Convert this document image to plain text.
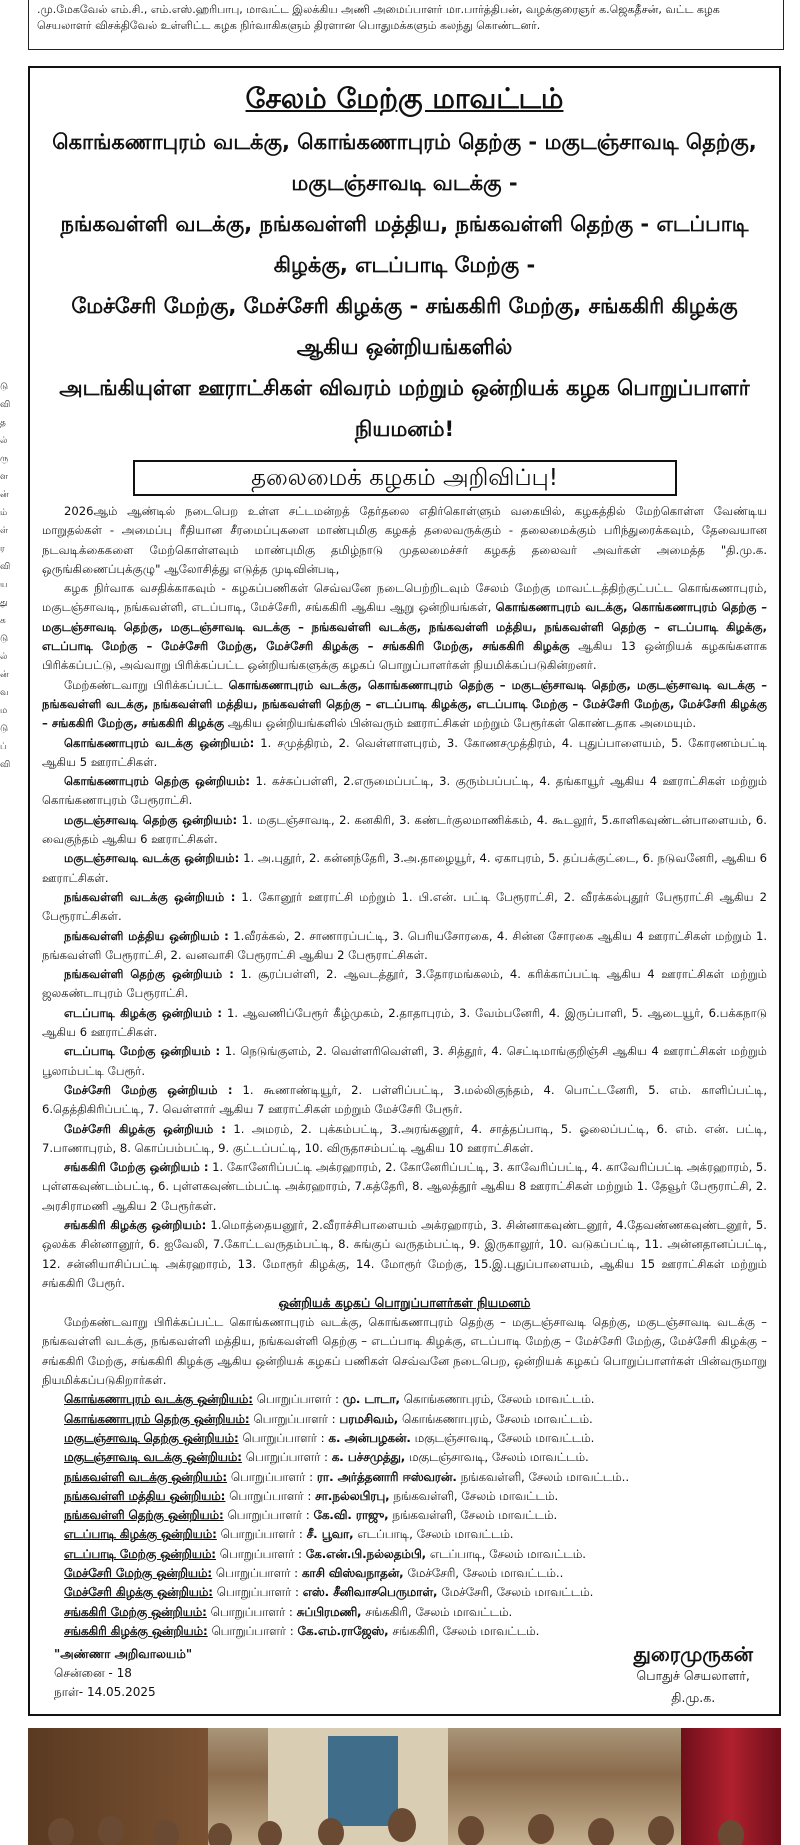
டு
வி
த
ல்
ரு
ள
ன்
ம்
ள்
ர
வி
ய
து
க
டு
ல்
ன்
வ
ம
டு
ப்
வி
.மு.மேகவேல் எம்.சி., எம்.எஸ்.ஹரிபாபு, மாவட்ட இலக்கிய அணி அமைப்பாளர் மா.பார்த்திபன், வழக்குரைஞர் க.ஜெகதீசன், வட்ட கழக
செயலாளர் விசக்திவேல் உள்ளிட்ட கழக நிர்வாகிகளும் திரளான பொதுமக்களும் கலந்து கொண்டனர்.
சேலம் மேற்கு மாவட்டம்
கொங்கணாபுரம் வடக்கு, கொங்கணாபுரம் தெற்கு - மகுடஞ்சாவடி தெற்கு, மகுடஞ்சாவடி வடக்கு -
நங்கவள்ளி வடக்கு, நங்கவள்ளி மத்திய, நங்கவள்ளி தெற்கு - எடப்பாடி கிழக்கு, எடப்பாடி மேற்கு -
மேச்சேரி மேற்கு, மேச்சேரி கிழக்கு - சங்ககிரி மேற்கு, சங்ககிரி கிழக்கு ஆகிய ஒன்றியங்களில்
அடங்கியுள்ள ஊராட்சிகள் விவரம் மற்றும் ஒன்றியக் கழக பொறுப்பாளர் நியமனம்!
தலைமைக் கழகம் அறிவிப்பு!

2026ஆம் ஆண்டில் நடைபெற உள்ள சட்டமன்றத் தேர்தலை எதிர்கொள்ளும் வகையில், கழகத்தில் மேற்கொள்ள வேண்டிய மாறுதல்கள் - அமைப்பு ரீதியான சீரமைப்புகளை மாண்புமிகு கழகத் தலைவருக்கும் - தலைமைக்கும் பரிந்துரைக்கவும், தேவையான நடவடிக்கைகளை மேற்கொள்ளவும் மாண்புமிகு தமிழ்நாடு முதலமைச்சர் கழகத் தலைவர் அவர்கள் அமைத்த "தி.மு.க. ஒருங்கிணைப்புக்குழு" ஆலோசித்து எடுத்த முடிவின்படி,

கழக நிர்வாக வசதிக்காகவும் - கழகப்பணிகள் செவ்வனே நடைபெற்றிடவும் சேலம் மேற்கு மாவட்டத்திற்குட்பட்ட கொங்கணாபுரம், மகுடஞ்சாவடி, நங்கவள்ளி, எடப்பாடி, மேச்சேரி, சங்ககிரி ஆகிய ஆறு ஒன்றியங்கள், கொங்கணாபுரம் வடக்கு, கொங்கணாபுரம் தெற்கு – மகுடஞ்சாவடி தெற்கு, மகுடஞ்சாவடி வடக்கு – நங்கவள்ளி வடக்கு, நங்கவள்ளி மத்திய, நங்கவள்ளி தெற்கு – எடப்பாடி கிழக்கு, எடப்பாடி மேற்கு – மேச்சேரி மேற்கு, மேச்சேரி கிழக்கு – சங்ககிரி மேற்கு, சங்ககிரி கிழக்கு ஆகிய 13 ஒன்றியக் கழகங்களாக பிரிக்கப்பட்டு, அவ்வாறு பிரிக்கப்பட்ட ஒன்றியங்களுக்கு கழகப் பொறுப்பாளர்கள் நியமிக்கப்படுகின்றனர்.

மேற்கண்டவாறு பிரிக்கப்பட்ட கொங்கணாபுரம் வடக்கு, கொங்கணாபுரம் தெற்கு – மகுடஞ்சாவடி தெற்கு, மகுடஞ்சாவடி வடக்கு – நங்கவள்ளி வடக்கு, நங்கவள்ளி மத்திய, நங்கவள்ளி தெற்கு – எடப்பாடி கிழக்கு, எடப்பாடி மேற்கு – மேச்சேரி மேற்கு, மேச்சேரி கிழக்கு – சங்ககிரி மேற்கு, சங்ககிரி கிழக்கு ஆகிய ஒன்றியங்களில் பின்வரும் ஊராட்சிகள் மற்றும் பேரூர்கள் கொண்டதாக அமையும்.

கொங்கணாபுரம் வடக்கு ஒன்றியம்: 1. சமுத்திரம், 2. வெள்ளாளபுரம், 3. கோணசமுத்திரம், 4. புதுப்பாளையம், 5. கோரணம்பட்டி ஆகிய 5 ஊராட்சிகள்.

கொங்கணாபுரம் தெற்கு ஒன்றியம்: 1. கச்சுப்பள்ளி, 2.எருமைப்பட்டி, 3. குரும்பப்பட்டி, 4. தங்காயூர் ஆகிய 4 ஊராட்சிகள் மற்றும் கொங்கணாபுரம் பேரூராட்சி.

மகுடஞ்சாவடி தெற்கு ஒன்றியம்: 1. மகுடஞ்சாவடி, 2. கனகிரி, 3. கண்டர்குலமாணிக்கம், 4. கூடலூர், 5.காளிகவுண்டன்பாளையம், 6. வைகுந்தம் ஆகிய 6 ஊராட்சிகள்.

மகுடஞ்சாவடி வடக்கு ஒன்றியம்: 1. அ.புதூர், 2. கன்னந்தேரி, 3.அ.தாழையூர், 4. ஏகாபுரம், 5. தப்பக்குட்டை, 6. நடுவனேரி, ஆகிய 6 ஊராட்சிகள்.

நங்கவள்ளி வடக்கு ஒன்றியம் : 1. கோனூர் ஊராட்சி மற்றும் 1. பி.என். பட்டி பேரூராட்சி, 2. வீரக்கல்புதூர் பேரூராட்சி ஆகிய 2 பேரூராட்சிகள்.

நங்கவள்ளி மத்திய ஒன்றியம் : 1.வீரக்கல், 2. சாணாரப்பட்டி, 3. பெரியசோரகை, 4. சின்ன சோரகை ஆகிய 4 ஊராட்சிகள் மற்றும் 1. நங்கவள்ளி பேரூராட்சி, 2. வனவாசி பேரூராட்சி ஆகிய 2 பேரூராட்சிகள்.

நங்கவள்ளி தெற்கு ஒன்றியம் : 1. சூரப்பள்ளி, 2. ஆவடத்தூர், 3.தோரமங்கலம், 4. கரிக்காப்பட்டி ஆகிய 4 ஊராட்சிகள் மற்றும் ஜலகண்டாபுரம் பேரூராட்சி.

எடப்பாடி கிழக்கு ஒன்றியம் : 1. ஆவணிப்பேரூர் கீழ்முகம், 2.தாதாபுரம், 3. வேம்பனேரி, 4. இருப்பாளி, 5. ஆடையூர், 6.பக்கநாடு ஆகிய 6 ஊராட்சிகள்.

எடப்பாடி மேற்கு ஒன்றியம் : 1. நெடுங்குளம், 2. வெள்ளரிவெள்ளி, 3. சித்தூர், 4. செட்டிமாங்குறிஞ்சி ஆகிய 4 ஊராட்சிகள் மற்றும் பூலாம்பட்டி பேரூர்.

மேச்சேரி மேற்கு ஒன்றியம் : 1. கூணாண்டியூர், 2. பள்ளிப்பட்டி, 3.மல்லிகுந்தம், 4. பொட்டனேரி, 5. எம். காளிப்பட்டி, 6.தெத்திகிரிப்பட்டி, 7. வெள்ளார் ஆகிய 7 ஊராட்சிகள் மற்றும் மேச்சேரி பேரூர்.

மேச்சேரி கிழக்கு ஒன்றியம் : 1. அமரம், 2. புக்கம்பட்டி, 3.அரங்கனூர், 4. சாத்தப்பாடி, 5. ஓலைப்பட்டி, 6. எம். என். பட்டி, 7.பாணாபுரம், 8. கொப்பம்பட்டி, 9. குட்டப்பட்டி, 10. விருதாசம்பட்டி ஆகிய 10 ஊராட்சிகள்.

சங்ககிரி மேற்கு ஒன்றியம் : 1. கோனேரிப்பட்டி அக்ரஹாரம், 2. கோனேரிப்பட்டி, 3. காவேரிப்பட்டி, 4. காவேரிப்பட்டி அக்ரஹாரம், 5. புள்ளகவுண்டம்பட்டி, 6. புள்ளகவுண்டம்பட்டி அக்ரஹாரம், 7.கத்தேரி, 8. ஆலத்தூர் ஆகிய 8 ஊராட்சிகள் மற்றும் 1. தேவூர் பேரூராட்சி, 2. அரசிராமணி ஆகிய 2 பேரூர்கள்.

சங்ககிரி கிழக்கு ஒன்றியம்: 1.மொத்தையனூர், 2.வீராச்சிபாளையம் அக்ரஹாரம், 3. சின்னாகவுண்டனூர், 4.தேவண்ணகவுண்டனூர், 5. ஒலக்க சின்னானூர், 6. ஐவேலி, 7.கோட்டவருதம்பட்டி, 8. சுங்குப் வருதம்பட்டி, 9. இருகாலூர், 10. வடுகப்பட்டி, 11. அன்னதானப்பட்டி, 12. சன்னியாசிப்பட்டி அக்ரஹாரம், 13. மோரூர் கிழக்கு, 14. மோரூர் மேற்கு, 15.இ.புதுப்பாளையம், ஆகிய 15 ஊராட்சிகள் மற்றும் சங்ககிரி பேரூர்.

ஒன்றியக் கழகப் பொறுப்பாளர்கள் நியமனம்

மேற்கண்டவாறு பிரிக்கப்பட்ட கொங்கணாபுரம் வடக்கு, கொங்கணாபுரம் தெற்கு – மகுடஞ்சாவடி தெற்கு, மகுடஞ்சாவடி வடக்கு – நங்கவள்ளி வடக்கு, நங்கவள்ளி மத்திய, நங்கவள்ளி தெற்கு – எடப்பாடி கிழக்கு, எடப்பாடி மேற்கு – மேச்சேரி மேற்கு, மேச்சேரி கிழக்கு – சங்ககிரி மேற்கு, சங்ககிரி கிழக்கு ஆகிய ஒன்றியக் கழகப் பணிகள் செவ்வனே நடைபெற, ஒன்றியக் கழகப் பொறுப்பாளர்கள் பின்வருமாறு நியமிக்கப்படுகிறார்கள்.

கொங்கணாபுரம் வடக்கு ஒன்றியம்: பொறுப்பாளர் : மு. டாடா, கொங்கணாபுரம், சேலம் மாவட்டம்.
கொங்கணாபுரம் தெற்கு ஒன்றியம்: பொறுப்பாளர் : பரமசிவம், கொங்கணாபுரம், சேலம் மாவட்டம்.
மகுடஞ்சாவடி தெற்கு ஒன்றியம்: பொறுப்பாளர் : க. அன்பழகன். மகுடஞ்சாவடி, சேலம் மாவட்டம்.
மகுடஞ்சாவடி வடக்கு ஒன்றியம்: பொறுப்பாளர் : க. பச்சமுத்து, மகுடஞ்சாவடி, சேலம் மாவட்டம்.
நங்கவள்ளி வடக்கு ஒன்றியம்: பொறுப்பாளர் : ரா. அர்த்தனாரி ஈஸ்வரன். நங்கவள்ளி, சேலம் மாவட்டம்..
நங்கவள்ளி மத்திய ஒன்றியம்: பொறுப்பாளர் : சா.நல்லபிரபு, நங்கவள்ளி, சேலம் மாவட்டம்.
நங்கவள்ளி தெற்கு ஒன்றியம்: பொறுப்பாளர் : கே.வி. ராஜு, நங்கவள்ளி, சேலம் மாவட்டம்.
எடப்பாடி கிழக்கு ஒன்றியம்: பொறுப்பாளர் : சீ. பூவா, எடப்பாடி, சேலம் மாவட்டம்.
எடப்பாடி மேற்கு ஒன்றியம்: பொறுப்பாளர் : கே.என்.பி.நல்லதம்பி, எடப்பாடி, சேலம் மாவட்டம்.
மேச்சேரி மேற்கு ஒன்றியம்: பொறுப்பாளர் : காசி விஸ்வநாதன், மேச்சேரி, சேலம் மாவட்டம்..
மேச்சேரி கிழக்கு ஒன்றியம்: பொறுப்பாளர் : எஸ். சீனிவாசபெருமாள், மேச்சேரி, சேலம் மாவட்டம்.
சங்ககிரி மேற்கு ஒன்றியம்: பொறுப்பாளர் : சுப்பிரமணி, சங்ககிரி, சேலம் மாவட்டம்.
சங்ககிரி கிழக்கு ஒன்றியம்: பொறுப்பாளர் : கே.எம்.ராஜேஸ், சங்ககிரி, சேலம் மாவட்டம்.
"அண்ணா அறிவாலயம்"
சென்னை - 18
நாள்- 14.05.2025
துரைமுருகன்
பொதுச் செயலாளர்,
தி.மு.க.
